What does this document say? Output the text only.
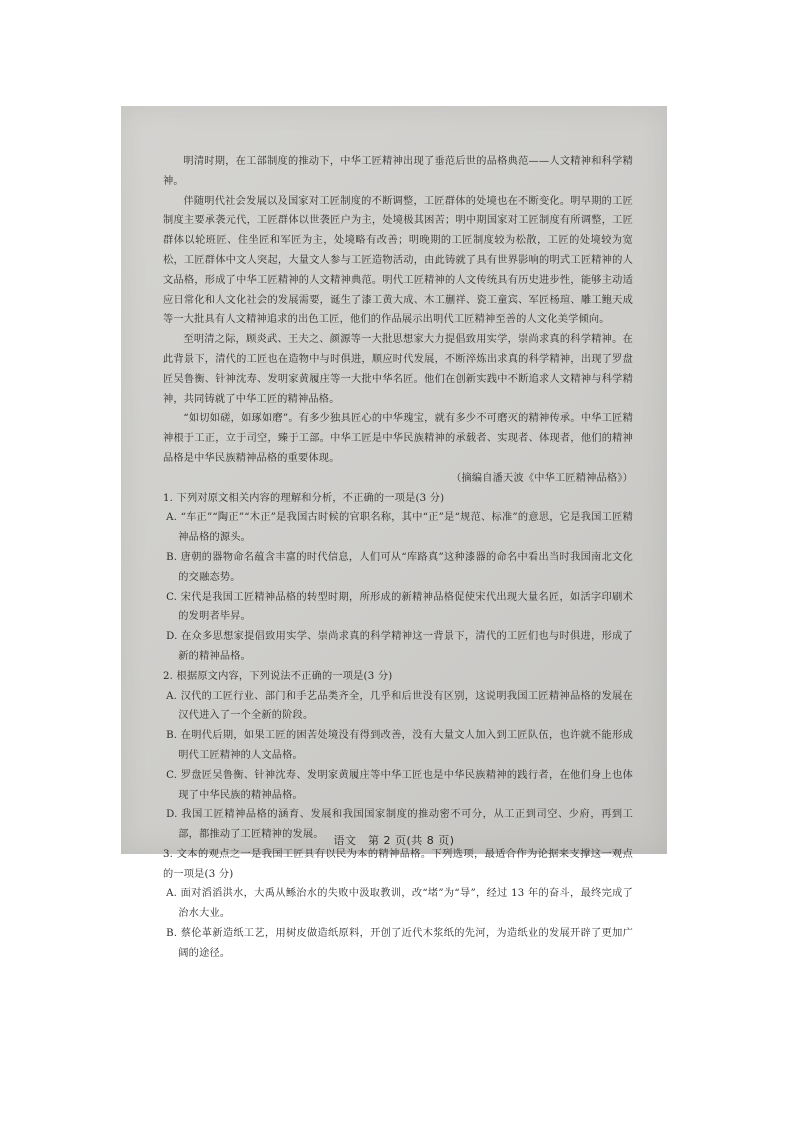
明清时期，在工部制度的推动下，中华工匠精神出现了垂范后世的品格典范——人文精神和科学精神。

伴随明代社会发展以及国家对工匠制度的不断调整，工匠群体的处境也在不断变化。明早期的工匠制度主要承袭元代，工匠群体以世袭匠户为主，处境极其困苦；明中期国家对工匠制度有所调整，工匠群体以轮班匠、住坐匠和军匠为主，处境略有改善；明晚期的工匠制度较为松散，工匠的处境较为宽松，工匠群体中文人突起，大量文人参与工匠造物活动，由此铸就了具有世界影响的明式工匠精神的人文品格，形成了中华工匠精神的人文精神典范。明代工匠精神的人文传统具有历史进步性，能够主动适应日常化和人文化社会的发展需要，诞生了漆工黄大成、木工蒯祥、瓷工童宾、军匠杨瑄、雕工鲍天成等一大批具有人文精神追求的出色工匠，他们的作品展示出明代工匠精神至善的人文化美学倾向。

至明清之际，顾炎武、王夫之、颜源等一大批思想家大力提倡致用实学，崇尚求真的科学精神。在此背景下，清代的工匠也在造物中与时俱进，顺应时代发展，不断淬炼出求真的科学精神，出现了罗盘匠吴鲁衡、针神沈寿、发明家黄履庄等一大批中华名匠。他们在创新实践中不断追求人文精神与科学精神，共同铸就了中华工匠的精神品格。

“如切如磋，如琢如磨”。有多少独具匠心的中华瑰宝，就有多少不可磨灭的精神传承。中华工匠精神根于工正，立于司空，臻于工部。中华工匠是中华民族精神的承载者、实现者、体现者，他们的精神品格是中华民族精神品格的重要体现。

（摘编自潘天波《中华工匠精神品格》）

1. 下列对原文相关内容的理解和分析，不正确的一项是(3 分)

A. “车正”“陶正”“木正”是我国古时候的官职名称，其中“正”是“规范、标准”的意思，它是我国工匠精神品格的源头。

B. 唐朝的器物命名蕴含丰富的时代信息，人们可从“库路真”这种漆器的命名中看出当时我国南北文化的交融态势。

C. 宋代是我国工匠精神品格的转型时期，所形成的新精神品格促使宋代出现大量名匠，如活字印刷术的发明者毕昇。

D. 在众多思想家提倡致用实学、崇尚求真的科学精神这一背景下，清代的工匠们也与时俱进，形成了新的精神品格。

2. 根据原文内容，下列说法不正确的一项是(3 分)

A. 汉代的工匠行业、部门和手艺品类齐全，几乎和后世没有区别，这说明我国工匠精神品格的发展在汉代进入了一个全新的阶段。

B. 在明代后期，如果工匠的困苦处境没有得到改善，没有大量文人加入到工匠队伍，也许就不能形成明代工匠精神的人文品格。

C. 罗盘匠吴鲁衡、针神沈寿、发明家黄履庄等中华工匠也是中华民族精神的践行者，在他们身上也体现了中华民族的精神品格。

D. 我国工匠精神品格的涵育、发展和我国国家制度的推动密不可分，从工正到司空、少府，再到工部，都推动了工匠精神的发展。

3. 文本的观点之一是我国工匠具有以民为本的精神品格。下列选项，最适合作为论据来支撑这一观点的一项是(3 分)

A. 面对滔滔洪水，大禹从鲧治水的失败中汲取教训，改“堵”为“导”，经过 13 年的奋斗，最终完成了治水大业。

B. 蔡伦革新造纸工艺，用树皮做造纸原料，开创了近代木浆纸的先河，为造纸业的发展开辟了更加广阔的途径。

语文　第 2 页(共 8 页)
